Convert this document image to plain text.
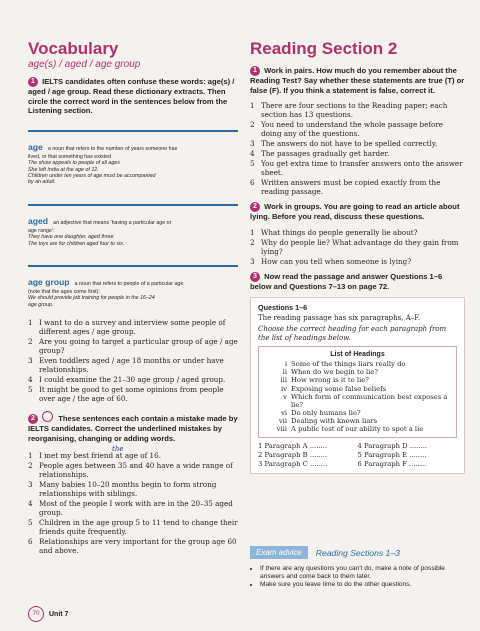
Vocabulary
age(s) / aged / age group
1 IELTS candidates often confuse these words: age(s) / aged / age group. Read these dictionary extracts. Then circle the correct word in the sentences below from the Listening section.
age a noun that refers to the number of years someone has
lived, or that something has existed
The show appeals to people of all ages
She left India at the age of 12.
Children under ten years of age must be accompanied
by an adult.
aged an adjective that means 'having a particular age or
age range':
They have one daughter, aged three
The toys are for children aged four to six.
age group a noun that refers to people of a particular age
(note that the ages come first):
We should provide job training for people in the 16–24
age group.
1 I want to do a survey and interview some people of different ages / age group.
2 Are you going to target a particular group of age / age group?
3 Even toddlers aged / age 18 months or under have relationships.
4 I could examine the 21–30 age group / aged group.
5 It might be good to get some opinions from people over age / the age of 60.
2	These sentences each contain a mistake made by IELTS candidates. Correct the underlined mistakes by reorganising, changing or adding words.
the
1 I met my best friend at age of 16.
2 People ages between 35 and 40 have a wide range of relationships.
3 Many babies 10–20 months begin to form strong relationships with siblings.
4 Most of the people I work with are in the 20–35 aged group.
5 Children in the age group 5 to 11 tend to change their friends quite frequently.
6 Relationships are very important for the group age 60 and above.
Reading Section 2
1 Work in pairs. How much do you remember about the Reading Test? Say whether these statements are true (T) or false (F). If you think a statement is false, correct it.
1 There are four sections to the Reading paper; each section has 13 questions.
2 You need to understand the whole passage before doing any of the questions.
3 The answers do not have to be spelled correctly.
4 The passages gradually get harder.
5 You get extra time to transfer answers onto the answer sheet.
6 Written answers must be copied exactly from the reading passage.
2 Work in groups. You are going to read an article about lying. Before you read, discuss these questions.
1 What things do people generally lie about?
2 Why do people lie? What advantage do they gain from lying?
3 How can you tell when someone is lying?
3 Now read the passage and answer Questions 1–6 below and Questions 7–13 on page 72.
Questions 1–6
The reading passage has six paragraphs, A–F.
Choose the correct heading for each paragraph from the list of headings below.
List of Headings
i Some of the things liars really do
ii When do we begin to lie?
iii How wrong is it to lie?
iv Exposing some false beliefs
v Which form of communication best exposes a lie?
vi Do only humans lie?
vii Dealing with known liars
viii A public test of our ability to spot a lie
1 Paragraph A ........	4 Paragraph D ........
2 Paragraph B ........	5 Paragraph E ........
3 Paragraph C ........	6 Paragraph F ........
Exam advice	Reading Sections 1–3
• If there are any questions you can't do, make a note of possible answers and come back to them later.
• Make sure you leave time to do the other questions.
70	Unit 7
